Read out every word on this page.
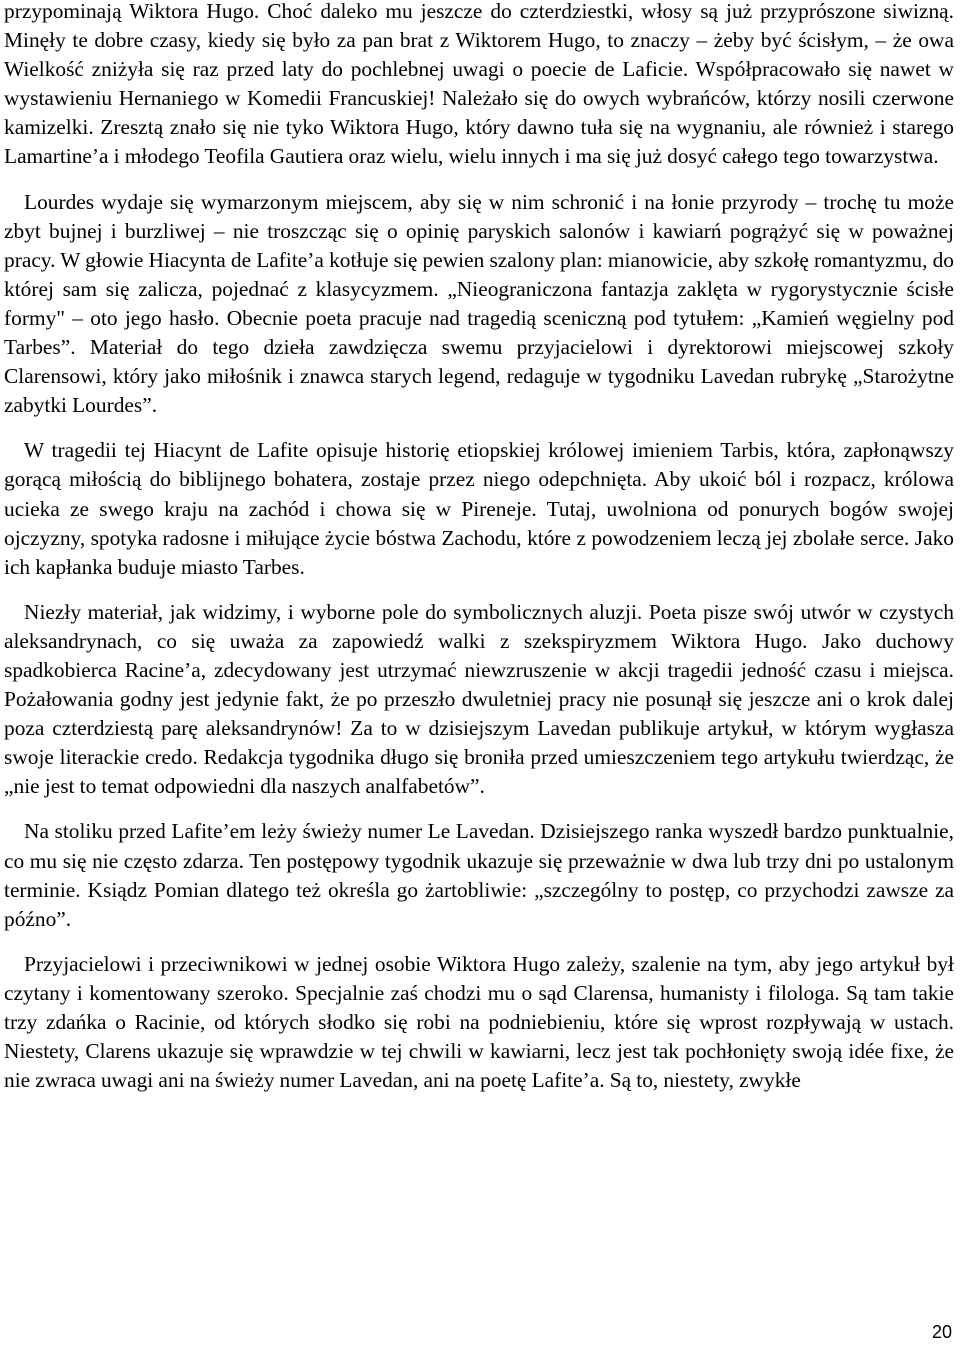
przypominają Wiktora Hugo. Choć daleko mu jeszcze do czterdziestki, włosy są już przyprószone siwizną. Minęły te dobre czasy, kiedy się było za pan brat z Wiktorem Hugo, to znaczy – żeby być ścisłym, – że owa Wielkość zniżyła się raz przed laty do pochlebnej uwagi o poecie de Laficie. Współpracowało się nawet w wystawieniu Hernaniego w Komedii Francuskiej! Należało się do owych wybrańców, którzy nosili czerwone kamizelki. Zresztą znało się nie tyko Wiktora Hugo, który dawno tuła się na wygnaniu, ale również i starego Lamartine’a i młodego Teofila Gautiera oraz wielu, wielu innych i ma się już dosyć całego tego towarzystwa.

Lourdes wydaje się wymarzonym miejscem, aby się w nim schronić i na łonie przyrody – trochę tu może zbyt bujnej i burzliwej – nie troszcząc się o opinię paryskich salonów i kawiarń pogrążyć się w poważnej pracy. W głowie Hiacynta de Lafite’a kotłuje się pewien szalony plan: mianowicie, aby szkołę romantyzmu, do której sam się zalicza, pojednać z klasycyzmem. „Nieograniczona fantazja zaklęta w rygorystycznie ścisłe formy" – oto jego hasło. Obecnie poeta pracuje nad tragedią sceniczną pod tytułem: „Kamień węgielny pod Tarbes”. Materiał do tego dzieła zawdzięcza swemu przyjacielowi i dyrektorowi miejscowej szkoły Clarensowi, który jako miłośnik i znawca starych legend, redaguje w tygodniku Lavedan rubrykę „Starożytne zabytki Lourdes”.

W tragedii tej Hiacynt de Lafite opisuje historię etiopskiej królowej imieniem Tarbis, która, zapłonąwszy gorącą miłością do biblijnego bohatera, zostaje przez niego odepchnięta. Aby ukoić ból i rozpacz, królowa ucieka ze swego kraju na zachód i chowa się w Pireneje. Tutaj, uwolniona od ponurych bogów swojej ojczyzny, spotyka radosne i miłujące życie bóstwa Zachodu, które z powodzeniem leczą jej zbolałe serce. Jako ich kapłanka buduje miasto Tarbes.

Niezły materiał, jak widzimy, i wyborne pole do symbolicznych aluzji. Poeta pisze swój utwór w czystych aleksandrynach, co się uważa za zapowiedź walki z szekspiryzmem Wiktora Hugo. Jako duchowy spadkobierca Racine’a, zdecydowany jest utrzymać niewzruszenie w akcji tragedii jedność czasu i miejsca. Pożałowania godny jest jedynie fakt, że po przeszło dwuletniej pracy nie posunął się jeszcze ani o krok dalej poza czterdziestą parę aleksandrynów! Za to w dzisiejszym Lavedan publikuje artykuł, w którym wygłasza swoje literackie credo. Redakcja tygodnika długo się broniła przed umieszczeniem tego artykułu twierdząc, że „nie jest to temat odpowiedni dla naszych analfabetów”.

Na stoliku przed Lafite’em leży świeży numer Le Lavedan. Dzisiejszego ranka wyszedł bardzo punktualnie, co mu się nie często zdarza. Ten postępowy tygodnik ukazuje się przeważnie w dwa lub trzy dni po ustalonym terminie. Ksiądz Pomian dlatego też określa go żartobliwie: „szczególny to postęp, co przychodzi zawsze za późno”.

Przyjacielowi i przeciwnikowi w jednej osobie Wiktora Hugo zależy, szalenie na tym, aby jego artykuł był czytany i komentowany szeroko. Specjalnie zaś chodzi mu o sąd Clarensa, humanisty i filologa. Są tam takie trzy zdańka o Racinie, od których słodko się robi na podniebieniu, które się wprost rozpływają w ustach. Niestety, Clarens ukazuje się wprawdzie w tej chwili w kawiarni, lecz jest tak pochłonięty swoją idée fixe, że nie zwraca uwagi ani na świeży numer Lavedan, ani na poetę Lafite’a. Są to, niestety, zwykłe

20
